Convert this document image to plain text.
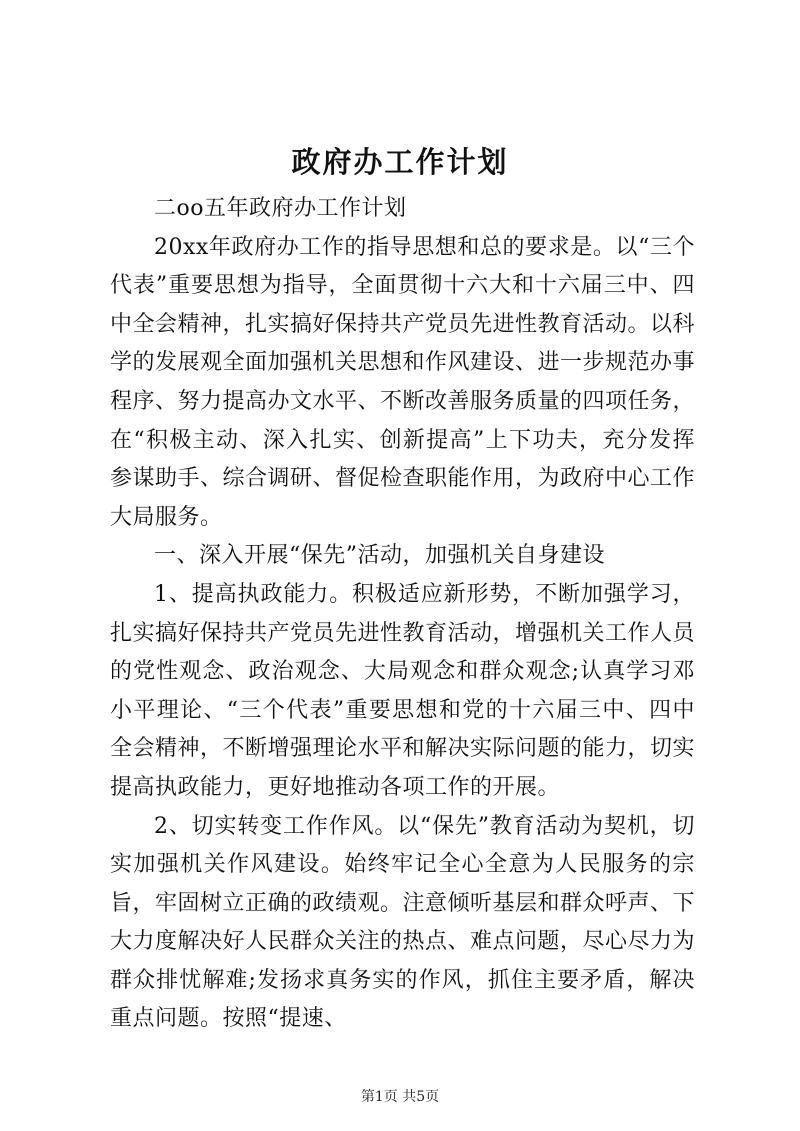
政府办工作计划

二oo五年政府办工作计划

20xx年政府办工作的指导思想和总的要求是。以“三个代表”重要思想为指导，全面贯彻十六大和十六届三中、四中全会精神，扎实搞好保持共产党员先进性教育活动。以科学的发展观全面加强机关思想和作风建设、进一步规范办事程序、努力提高办文水平、不断改善服务质量的四项任务，在“积极主动、深入扎实、创新提高”上下功夫，充分发挥参谋助手、综合调研、督促检查职能作用，为政府中心工作大局服务。

一、深入开展“保先”活动，加强机关自身建设

1、提高执政能力。积极适应新形势，不断加强学习，扎实搞好保持共产党员先进性教育活动，增强机关工作人员的党性观念、政治观念、大局观念和群众观念;认真学习邓小平理论、“三个代表”重要思想和党的十六届三中、四中全会精神，不断增强理论水平和解决实际问题的能力，切实提高执政能力，更好地推动各项工作的开展。

2、切实转变工作作风。以“保先”教育活动为契机，切实加强机关作风建设。始终牢记全心全意为人民服务的宗旨，牢固树立正确的政绩观。注意倾听基层和群众呼声、下大力度解决好人民群众关注的热点、难点问题，尽心尽力为群众排忧解难;发扬求真务实的作风，抓住主要矛盾，解决重点问题。按照“提速、

第1页 共5页
